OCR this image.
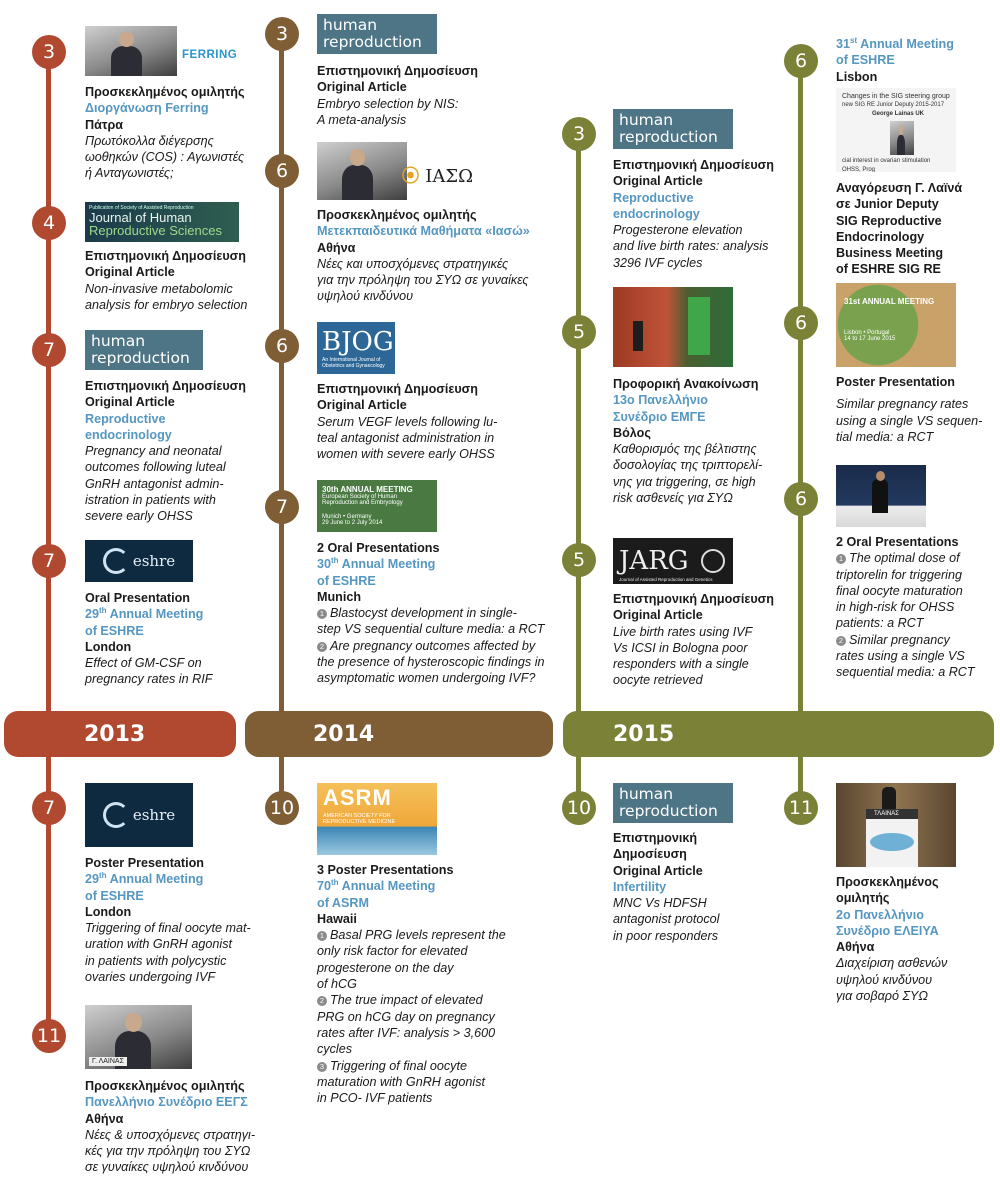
2013	2014	2015
3	FERRING
Προσκεκλημένος ομιλητής
Διοργάνωση Ferring
Πάτρα
Πρωτόκολλα διέγερσης
ωοθηκών (COS) : Αγωνιστές
ή Ανταγωνιστές;
4
Publication of Society of Assisted Reproduction
Journal of Human
Reproductive Sciences
Επιστημονική Δημοσίευση
Original Article
Non-invasive metabolomic
analysis for embryo selection
7	human
reproduction
Επιστημονική Δημοσίευση
Original Article
Reproductive
endocrinology
Pregnancy and neonatal
outcomes following luteal
GnRH antagonist admin-
istration in patients with
severe early OHSS
7	eshre
Oral Presentation
29th Annual Meeting
of ESHRE
London
Effect of GM-CSF on
pregnancy rates in RIF
7	eshre
Poster Presentation
29th Annual Meeting
of ESHRE
London
Triggering of final oocyte mat-
uration with GnRH agonist
in patients with polycystic
ovaries undergoing IVF
11
Γ. ΛΑΙΝΑΣ
Προσκεκλημένος ομιλητής
Πανελλήνιο Συνέδριο ΕΕΓΣ
Αθήνα
Νέες & υποσχόμενες στρατηγι-
κές για την πρόληψη του ΣΥΩ
σε γυναίκες υψηλού κινδύνου
3	human
reproduction
Επιστημονική Δημοσίευση
Original Article
Embryo selection by NIS:
A meta-analysis
6	⦿ ΙΑΣΩ
Προσκεκλημένος ομιλητής
Μετεκπαιδευτικά Μαθήματα «Ιασώ»
Αθήνα
Νέες και υποσχόμενες στρατηγικές
για την πρόληψη του ΣΥΩ σε γυναίκες
υψηλού κινδύνου
6	BJOG
An International Journal of Obstetrics and Gynaecology
Επιστημονική Δημοσίευση
Original Article
Serum VEGF levels following lu-
teal antagonist administration in
women with severe early OHSS
7
30th ANNUAL MEETING
European Society of Human Reproduction and Embryology
Munich • Germany
29 June to 2 July 2014
2 Oral Presentations
30th Annual Meeting
of ESHRE
Munich
1 Blastocyst development in single-
step VS sequential culture media: a RCT
2 Are pregnancy outcomes affected by
the presence of hysteroscopic findings in
asymptomatic women undergoing IVF?
10 ASRM
AMERICAN SOCIETY FOR REPRODUCTIVE MEDICINE
3 Poster Presentations
70th Annual Meeting
of ASRM
Hawaii
1 Basal PRG levels represent the
only risk factor for elevated
progesterone on the day
of hCG
2 The true impact of elevated
PRG on hCG day on pregnancy
rates after IVF: analysis > 3,600
cycles
3 Triggering of final oocyte
maturation with GnRH agonist
in PCO- IVF patients
3
human
reproduction
Επιστημονική Δημοσίευση
Original Article
Reproductive
endocrinology
Progesterone elevation
and live birth rates: analysis
3296 IVF cycles
5
Προφορική Ανακοίνωση
13ο Πανελλήνιο
Συνέδριο ΕΜΓΕ
Βόλος
Καθορισμός της βέλτιστης
δοσολογίας της τριπτορελί-
νης για triggering, σε high
risk ασθενείς για ΣΥΩ
5	JARG
Journal of Assisted Reproduction and Genetics
Επιστημονική Δημοσίευση
Original Article
Live birth rates using IVF
Vs ICSI in Bologna poor
responders with a single
oocyte retrieved
10
human
reproduction
Επιστημονική
Δημοσίευση
Original Article
Infertility
MNC Vs HDFSH
antagonist protocol
in poor responders
6
31st Annual Meeting
of ESHRE
Lisbon
Changes in the SIG steering group
new SIG RE Junior Deputy 2015-2017
George Lainas UK
cial interest in ovarian stimulation OHSS, Prog
Αναγόρευση Γ. Λαϊνά
σε Junior Deputy
SIG Reproductive
Endocrinology
Business Meeting
of ESHRE SIG RE
6
31st ANNUAL MEETING
Lisbon • Portugal
14 to 17 June 2015
Poster Presentation
Similar pregnancy rates
using a single VS sequen-
tial media: a RCT
6
2 Oral Presentations
1 The optimal dose of
triptorelin for triggering
final oocyte maturation
in high-risk for OHSS
patients: a RCT
2 Similar pregnancy
rates using a single VS
sequential media: a RCT
11	ΤΛΑΙΝΑΣ
Προσκεκλημένος
ομιλητής
2ο Πανελλήνιο
Συνέδριο ΕΛΕΙΥΑ
Αθήνα
Διαχείριση ασθενών
υψηλού κινδύνου
για σοβαρό ΣΥΩ
